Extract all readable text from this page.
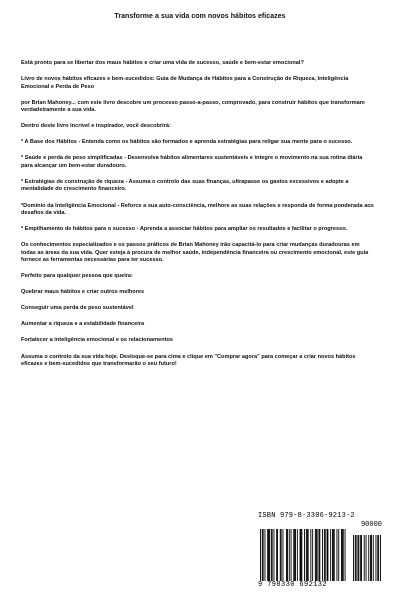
Transforme a sua vida com novos hábitos eficazes

Está pronto para se libertar dos maus hábitos e criar uma vida de sucesso, saúde e bem-estar emocional?

Livro de novos hábitos eficazes e bem-sucedidos: Guia de Mudança de Hábitos para a Construção de Riqueza, Inteligência Emocional e Perda de Peso

por Brian Mahoney... com este livro descobre um processo passo-a-passo, comprovado, para construir hábitos que transformam verdadeiramente a sua vida.

Dentro deste livro incrível e inspirador, você descobrirá:

* A Base dos Hábitos - Entenda como os hábitos são formados e aprenda estratégias para religar sua mente para o sucesso.

* Saúde e perda de peso simplificadas - Desenvolva hábitos alimentares sustentáveis e integre o movimento na sua rotina diária para alcançar um bem-estar duradouro.

* Estratégias de construção de riqueza - Assuma o controlo das suas finanças, ultrapasse os gastos excessivos e adopte a mentalidade do crescimento financeiro.

*Domínio da Inteligência Emocional - Reforce a sua auto-consciência, melhore as suas relações e responda de forma ponderada aos desafios da vida.

* Empilhamento de hábitos para o sucesso - Aprenda a associar hábitos para ampliar os resultados e facilitar o progresso.

Os conhecimentos especializados e os passos práticos de Brian Mahoney irão capacitá-lo para criar mudanças duradouras em todas as áreas da sua vida. Quer esteja à procura de melhor saúde, independência financeira ou crescimento emocional, este guia fornece as ferramentas necessárias para ter sucesso.

Perfeito para qualquer pessoa que queira:

Quebrar maus hábitos e criar outros melhores

Conseguir uma perda de peso sustentável

Aumentar a riqueza e a estabilidade financeira

Fortalecer a inteligência emocional e os relacionamentos

Assuma o controlo da sua vida hoje. Desloque-se para cima e clique em "Comprar agora" para começar a criar novos hábitos eficazes e bem-sucedidos que transformarão o seu futuro!

ISBN 979-8-3306-9213-2
90000
9 798330 692132
